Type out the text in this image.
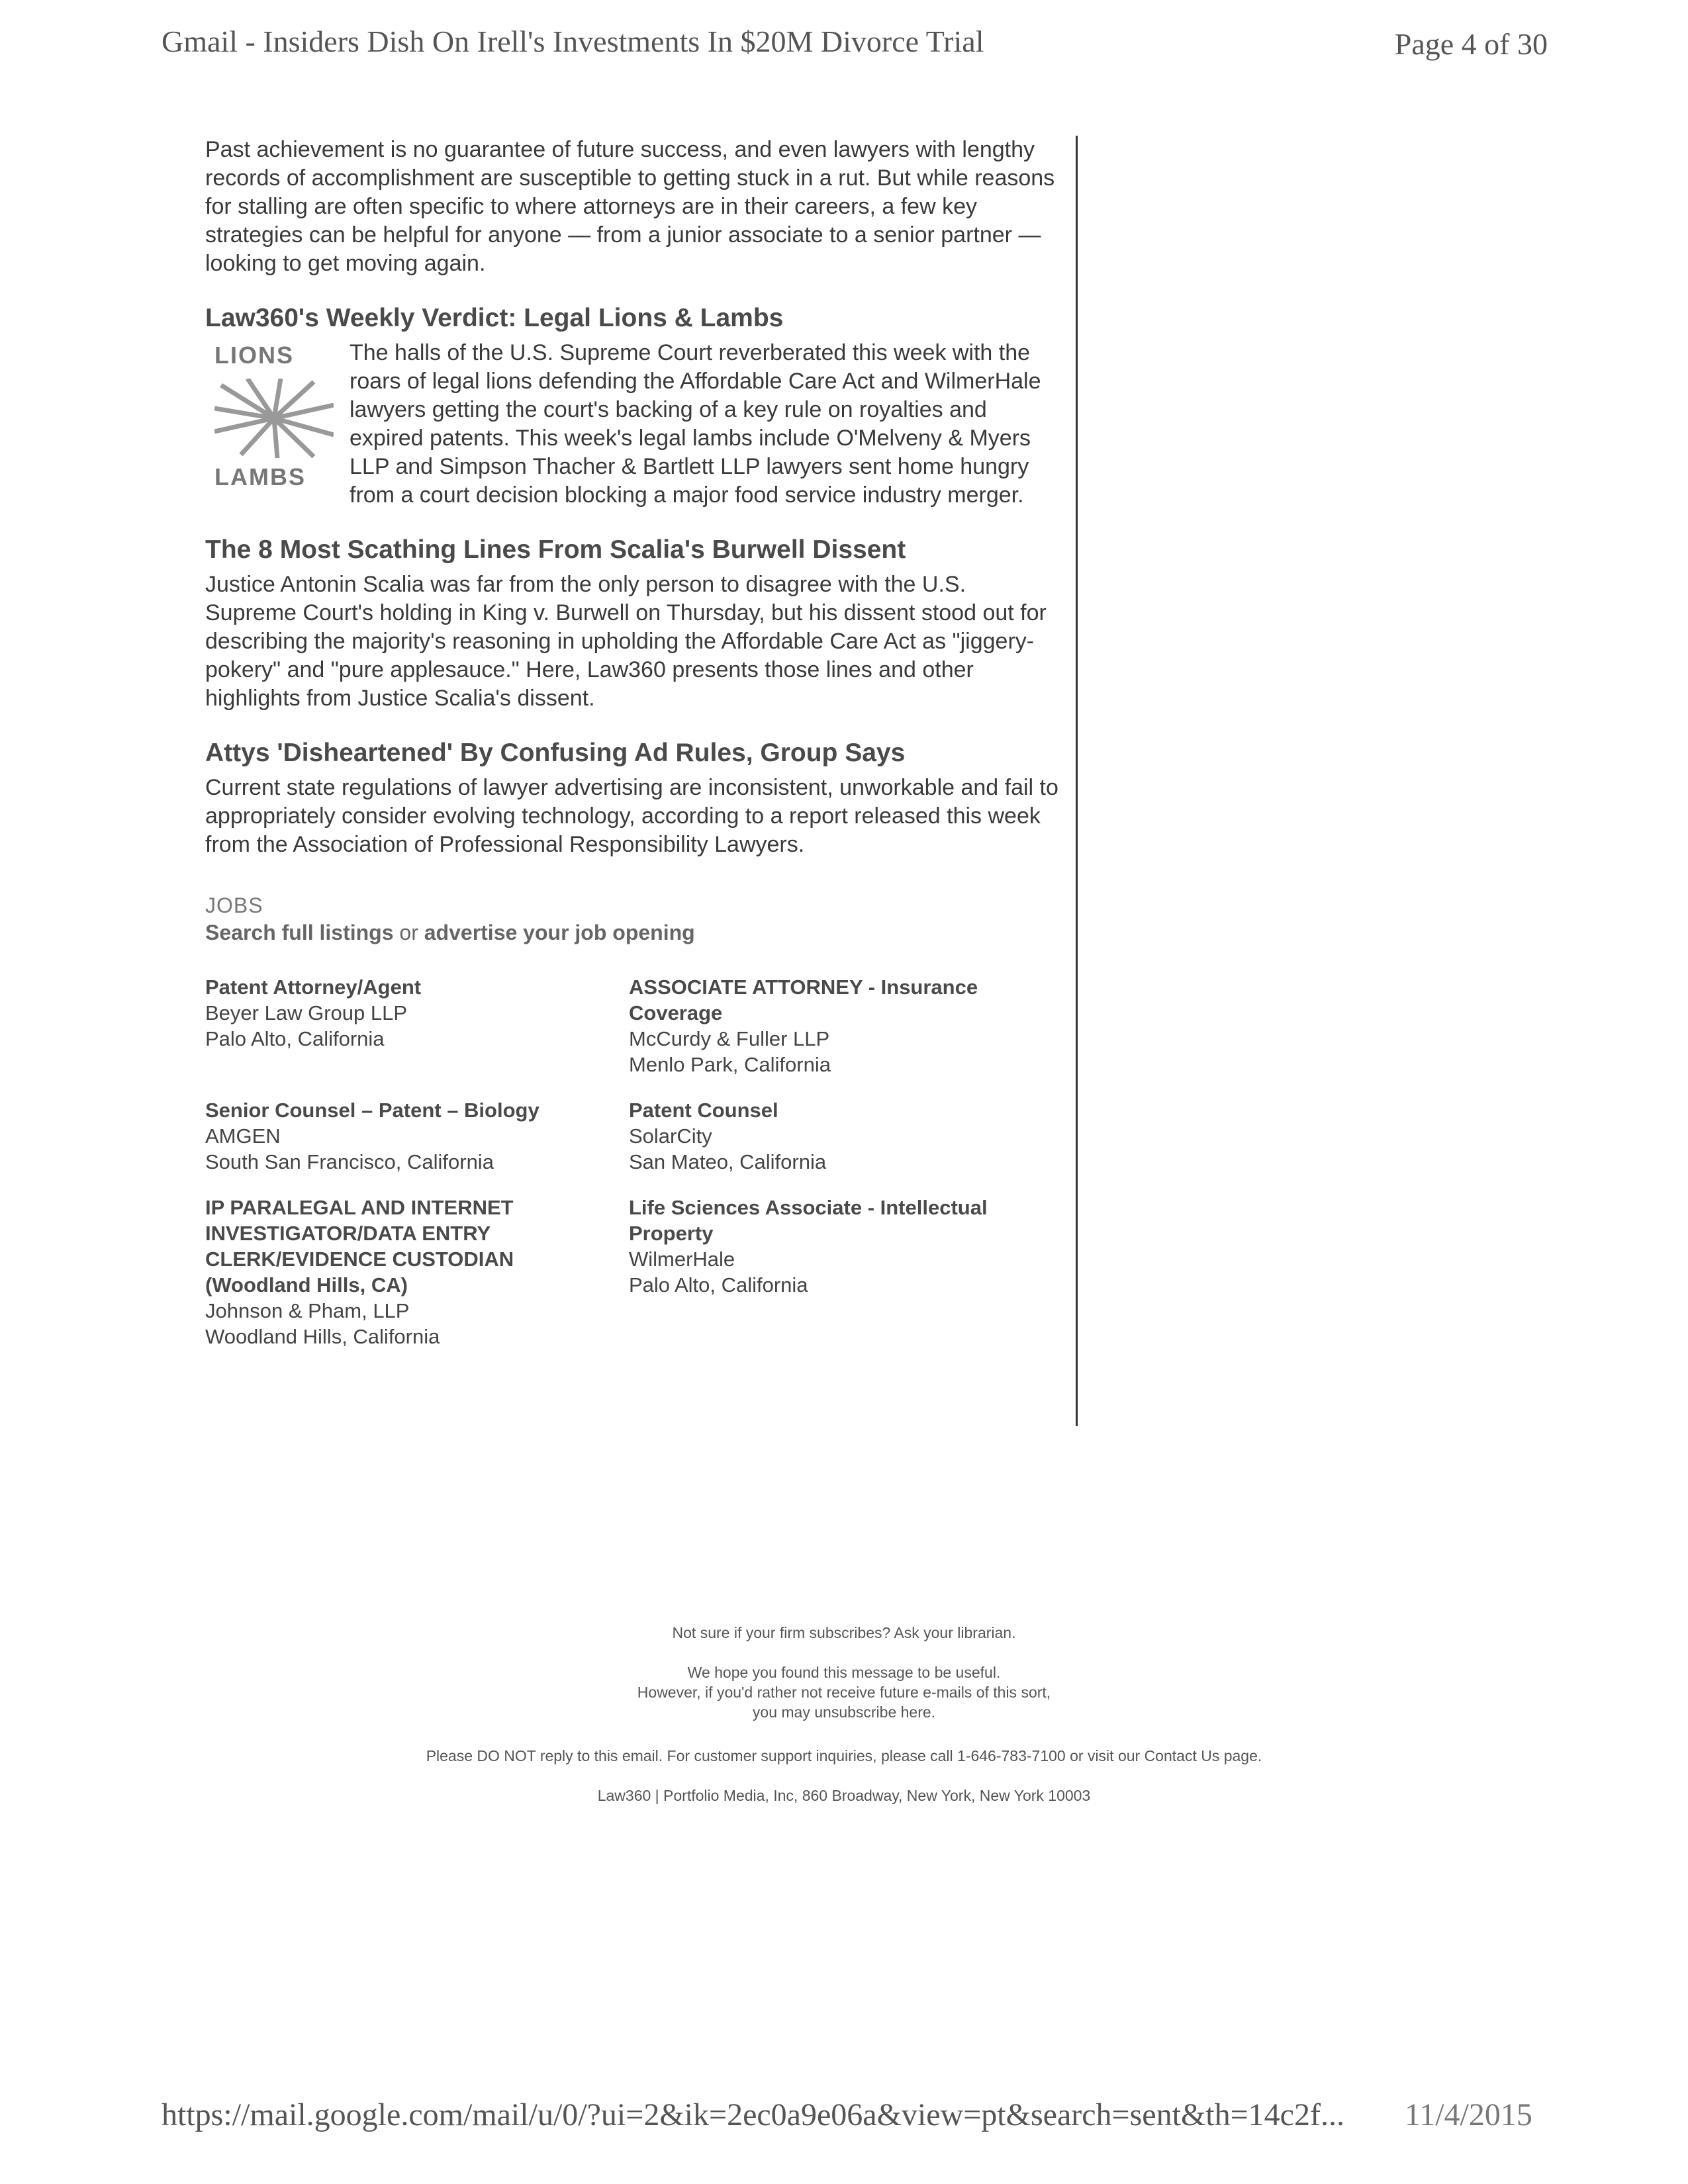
Gmail - Insiders Dish On Irell's Investments In $20M Divorce Trial	Page 4 of 30

Past achievement is no guarantee of future success, and even lawyers with lengthy records of accomplishment are susceptible to getting stuck in a rut. But while reasons for stalling are often specific to where attorneys are in their careers, a few key strategies can be helpful for anyone — from a junior associate to a senior partner — looking to get moving again.

Law360's Weekly Verdict: Legal Lions & Lambs
LIONS
LAMBS

The halls of the U.S. Supreme Court reverberated this week with the roars of legal lions defending the Affordable Care Act and WilmerHale lawyers getting the court's backing of a key rule on royalties and expired patents. This week's legal lambs include O'Melveny & Myers LLP and Simpson Thacher & Bartlett LLP lawyers sent home hungry from a court decision blocking a major food service industry merger.

The 8 Most Scathing Lines From Scalia's Burwell Dissent

Justice Antonin Scalia was far from the only person to disagree with the U.S. Supreme Court's holding in King v. Burwell on Thursday, but his dissent stood out for describing the majority's reasoning in upholding the Affordable Care Act as "jiggery-pokery" and "pure applesauce." Here, Law360 presents those lines and other highlights from Justice Scalia's dissent.

Attys 'Disheartened' By Confusing Ad Rules, Group Says

Current state regulations of lawyer advertising are inconsistent, unworkable and fail to appropriately consider evolving technology, according to a report released this week from the Association of Professional Responsibility Lawyers.

JOBS
Search full listings or advertise your job opening
Patent Attorney/Agent
Beyer Law Group LLP
Palo Alto, California
ASSOCIATE ATTORNEY - Insurance Coverage
McCurdy & Fuller LLP
Menlo Park, California
Senior Counsel – Patent – Biology
AMGEN
South San Francisco, California
Patent Counsel
SolarCity
San Mateo, California
IP PARALEGAL AND INTERNET INVESTIGATOR/DATA ENTRY CLERK/EVIDENCE CUSTODIAN (Woodland Hills, CA)
Johnson & Pham, LLP
Woodland Hills, California
Life Sciences Associate - Intellectual Property
WilmerHale
Palo Alto, California
Not sure if your firm subscribes? Ask your librarian.
We hope you found this message to be useful.
However, if you'd rather not receive future e-mails of this sort,
you may unsubscribe here.
Please DO NOT reply to this email. For customer support inquiries, please call 1-646-783-7100 or visit our Contact Us page.
Law360 | Portfolio Media, Inc, 860 Broadway, New York, New York 10003
https://mail.google.com/mail/u/0/?ui=2&ik=2ec0a9e06a&view=pt&search=sent&th=14c2f... 11/4/2015
